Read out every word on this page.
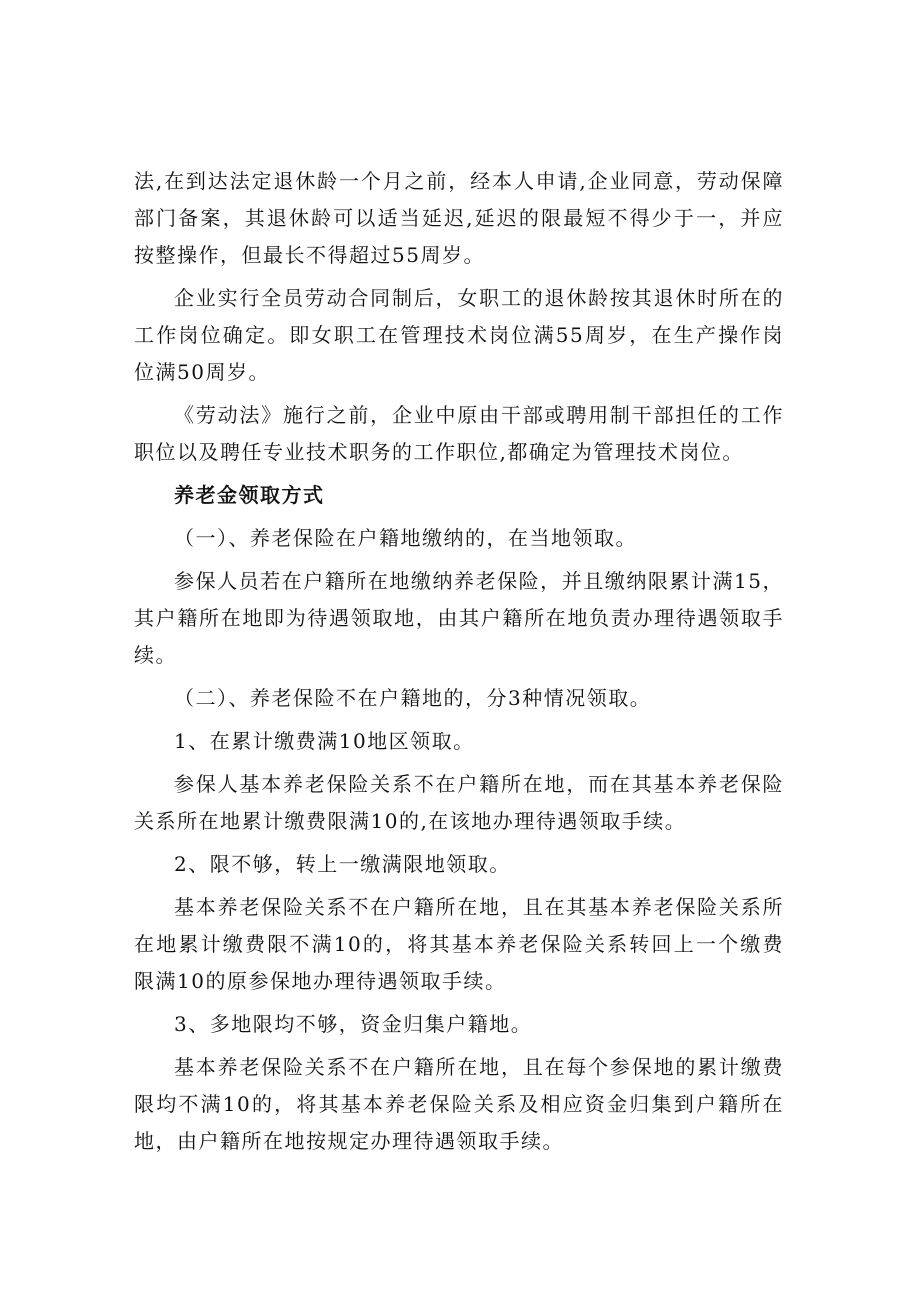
法,在到达法定退休龄一个月之前，经本人申请,企业同意，劳动保障部门备案，其退休龄可以适当延迟,延迟的限最短不得少于一，并应按整操作，但最长不得超过55周岁。

企业实行全员劳动合同制后，女职工的退休龄按其退休时所在的工作岗位确定。即女职工在管理技术岗位满55周岁，在生产操作岗位满50周岁。

《劳动法》施行之前，企业中原由干部或聘用制干部担任的工作职位以及聘任专业技术职务的工作职位,都确定为管理技术岗位。

养老金领取方式

（一）、养老保险在户籍地缴纳的，在当地领取。

参保人员若在户籍所在地缴纳养老保险，并且缴纳限累计满15，其户籍所在地即为待遇领取地，由其户籍所在地负责办理待遇领取手续。

（二）、养老保险不在户籍地的，分3种情况领取。

1、在累计缴费满10地区领取。

参保人基本养老保险关系不在户籍所在地，而在其基本养老保险关系所在地累计缴费限满10的,在该地办理待遇领取手续。

2、限不够，转上一缴满限地领取。

基本养老保险关系不在户籍所在地，且在其基本养老保险关系所在地累计缴费限不满10的，将其基本养老保险关系转回上一个缴费限满10的原参保地办理待遇领取手续。

3、多地限均不够，资金归集户籍地。

基本养老保险关系不在户籍所在地，且在每个参保地的累计缴费限均不满10的，将其基本养老保险关系及相应资金归集到户籍所在地，由户籍所在地按规定办理待遇领取手续。
